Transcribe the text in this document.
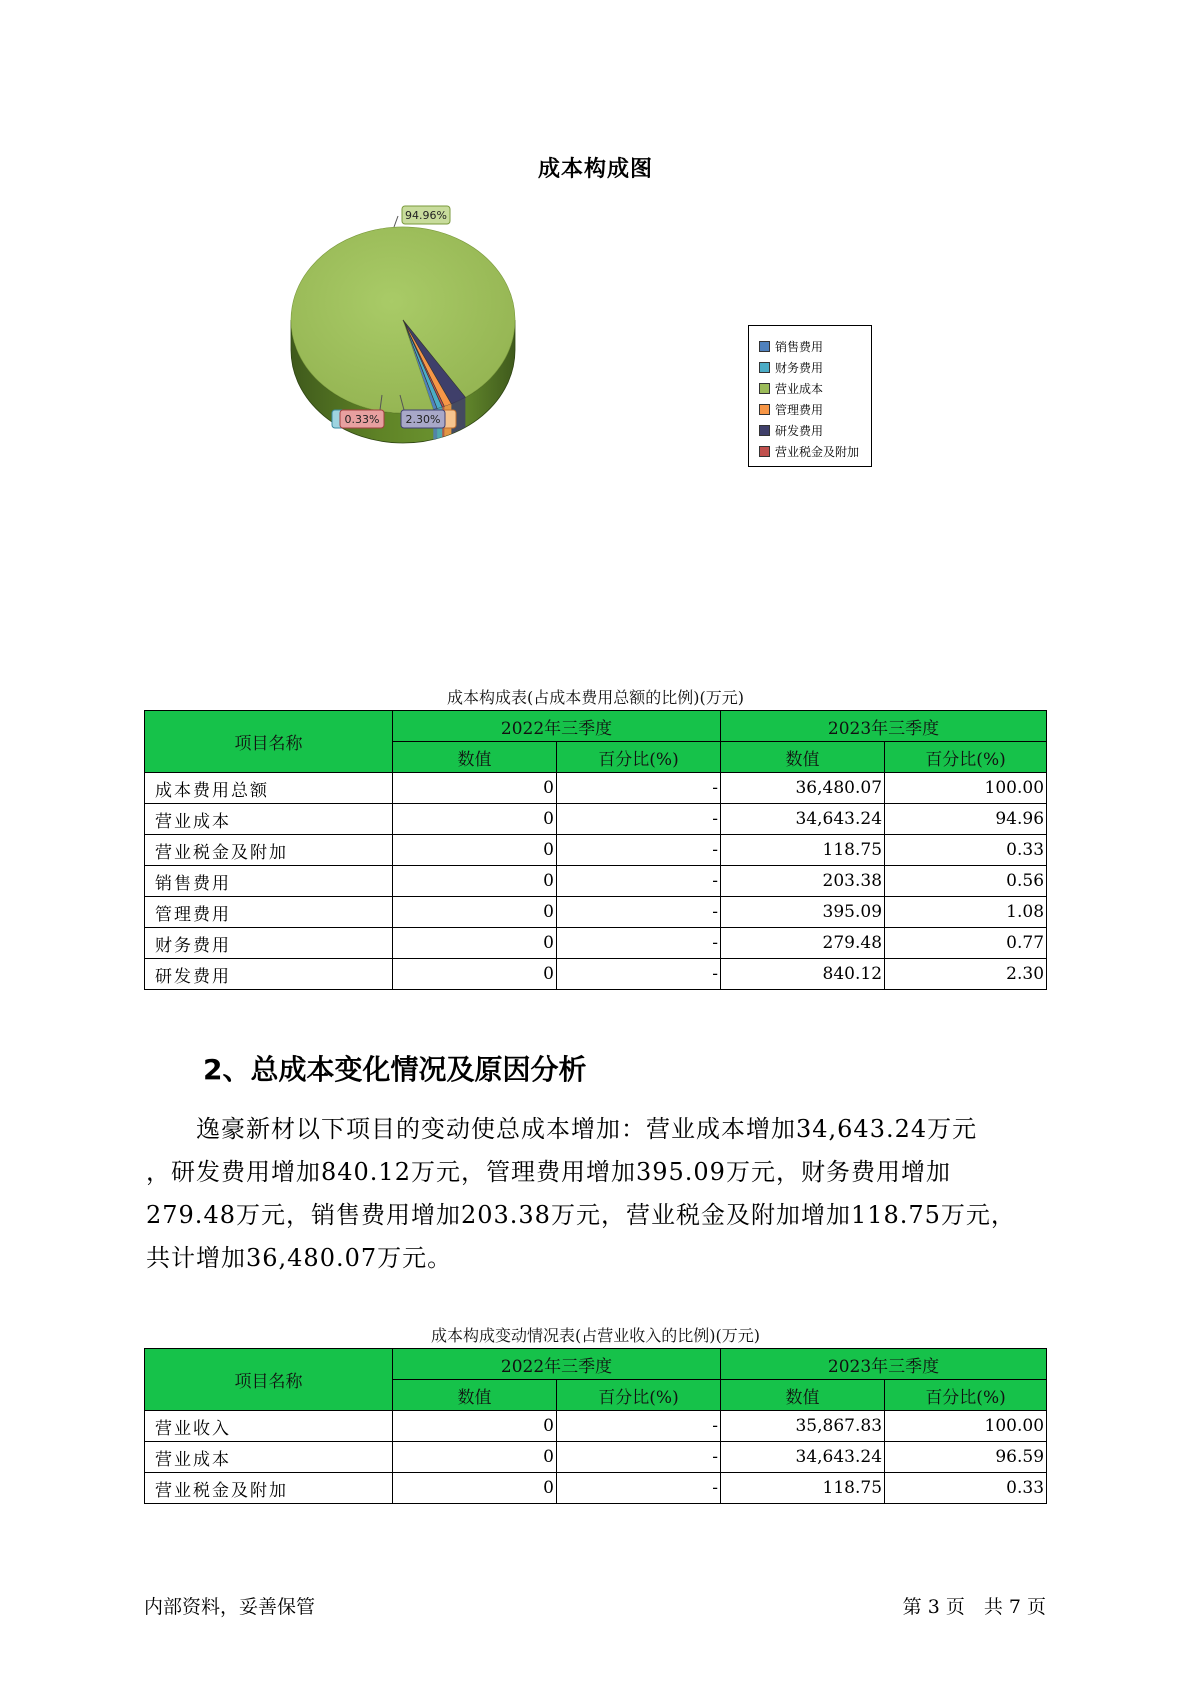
成本构成图
94.96%
0.33% 2.30%
销售费用
财务费用
营业成本
管理费用
研发费用
营业税金及附加
成本构成表(占成本费用总额的比例)(万元)
项目名称	2022年三季度		2023年三季度	
	数值	百分比(%)	数值	百分比(%)
成本费用总额	0	-	36,480.07	100.00
营业成本	0	-	34,643.24	94.96
营业税金及附加	0	-	118.75	0.33
销售费用	0	-	203.38	0.56
管理费用	0	-	395.09	1.08
财务费用	0	-	279.48	0.77
研发费用	0	-	840.12	2.30
2、总成本变化情况及原因分析
　　逸豪新材以下项目的变动使总成本增加：营业成本增加34,643.24万元
，研发费用增加840.12万元，管理费用增加395.09万元，财务费用增加
279.48万元，销售费用增加203.38万元，营业税金及附加增加118.75万元，
共计增加36,480.07万元。
成本构成变动情况表(占营业收入的比例)(万元)
项目名称	2022年三季度		2023年三季度	
	数值	百分比(%)	数值	百分比(%)
营业收入	0	-	35,867.83	100.00
营业成本	0	-	34,643.24	96.59
营业税金及附加	0	-	118.75	0.33
内部资料，妥善保管	第 3 页　共 7 页
